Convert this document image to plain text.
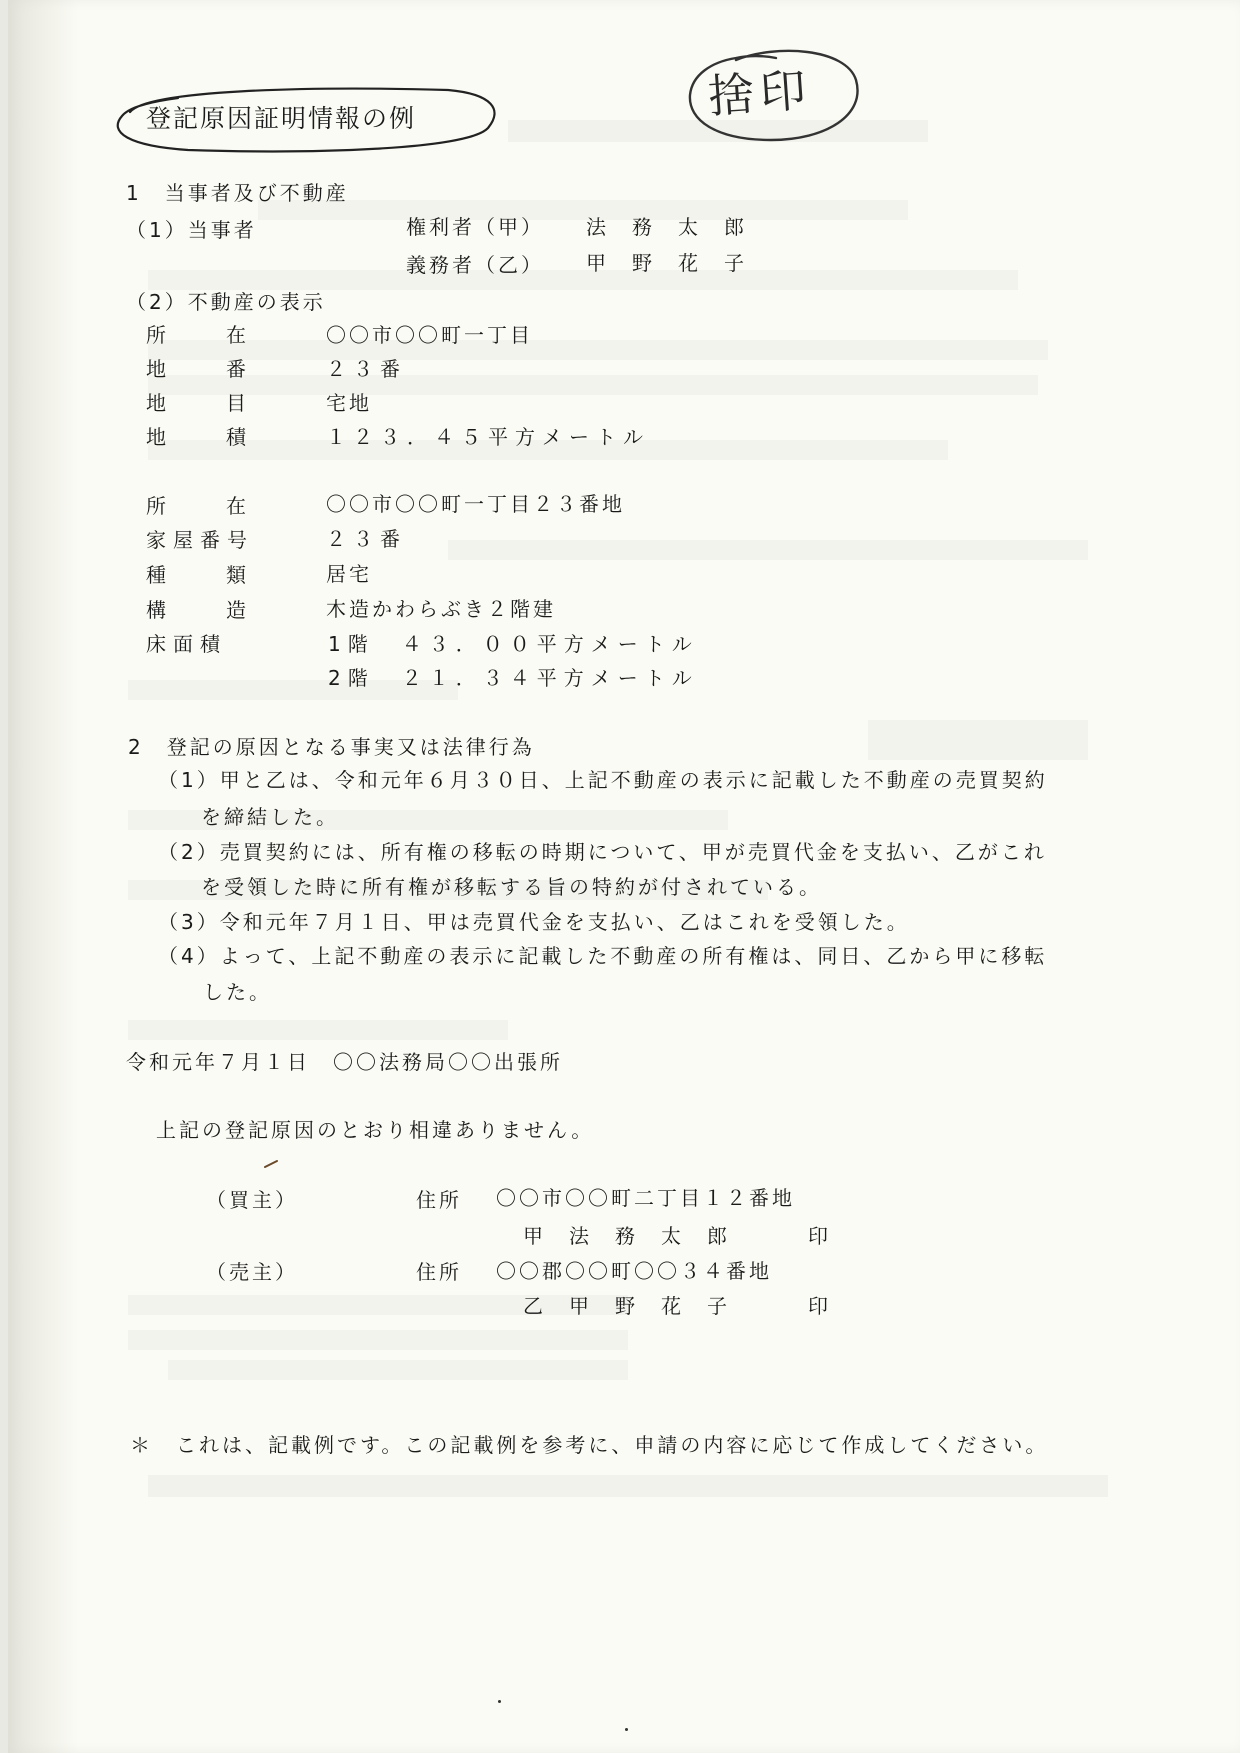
登記原因証明情報の例	捨印
1　当事者及び不動産
（1）当事者	権利者（甲） 法　務　太　郎
義務者（乙） 甲　野　花　子
（2）不動産の表示
所　在	〇〇市〇〇町一丁目
地　番	２３番
地　目	宅地
地　積	１２３．４５平方メートル
所　在	〇〇市〇〇町一丁目２３番地
家屋番号	２３番
種　類	居宅
構　造	木造かわらぶき２階建
床面積	1階　４３．００平方メートル
2階　２１．３４平方メートル
2　登記の原因となる事実又は法律行為
（1）甲と乙は、令和元年６月３０日、上記不動産の表示に記載した不動産の売買契約
を締結した。
（2）売買契約には、所有権の移転の時期について、甲が売買代金を支払い、乙がこれ
を受領した時に所有権が移転する旨の特約が付されている。
（3）令和元年７月１日、甲は売買代金を支払い、乙はこれを受領した。
（4）よって、上記不動産の表示に記載した不動産の所有権は、同日、乙から甲に移転
した。
令和元年７月１日　〇〇法務局〇〇出張所
上記の登記原因のとおり相違ありません。
（買主）	住所 〇〇市〇〇町二丁目１２番地
甲　法　務　太　郎	印
（売主）	住所 〇〇郡〇〇町〇〇３４番地
乙　甲　野　花　子	印
＊　これは、記載例です。この記載例を参考に、申請の内容に応じて作成してください。
